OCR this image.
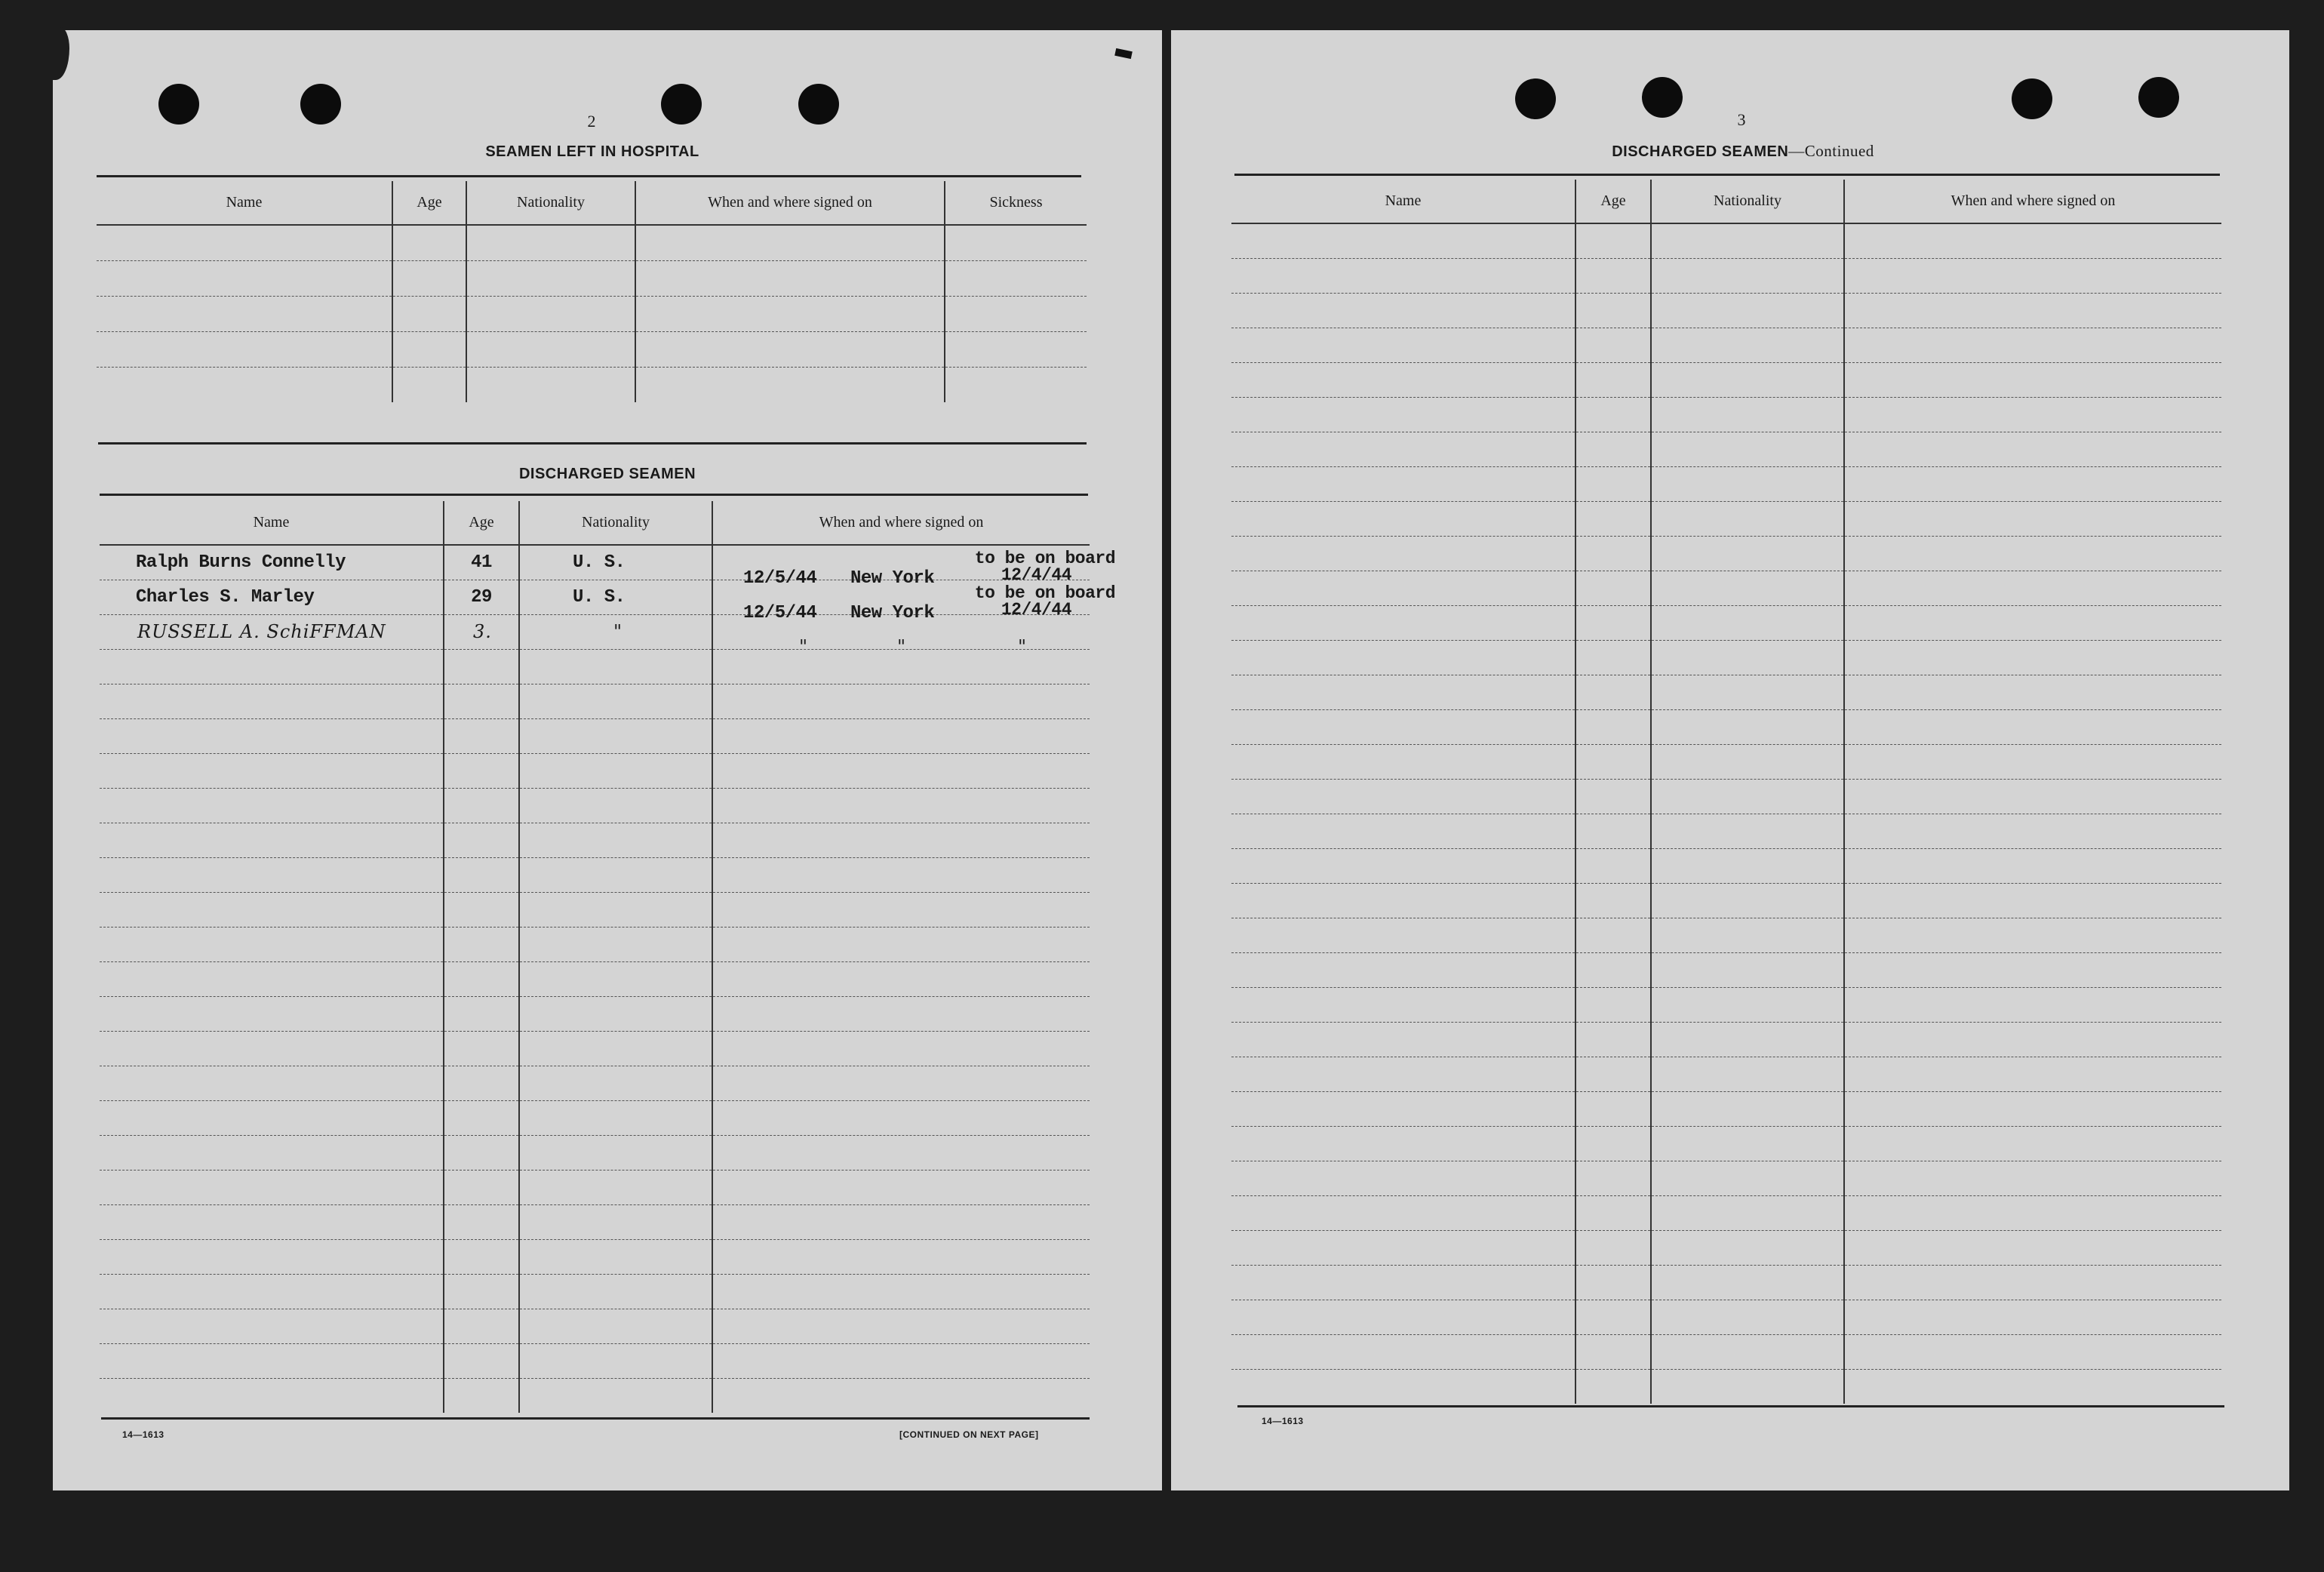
2
SEAMEN LEFT IN HOSPITAL
Name	Age	Nationality	When and where signed on	Sickness

DISCHARGED SEAMEN
Name	Age	Nationality	When and where signed on
Ralph Burns Connelly	41	U. S.	12/5/44 New York
to be on board
12/4/44

Charles S. Marley	29	U. S.	12/5/44 New York
to be on board
12/4/44

RUSSELL A. SchiFFMAN	3.	"	" " "

14—1613	[CONTINUED ON NEXT PAGE]
3
DISCHARGED SEAMEN—Continued
Name	Age	Nationality	When and where signed on

14—1613
